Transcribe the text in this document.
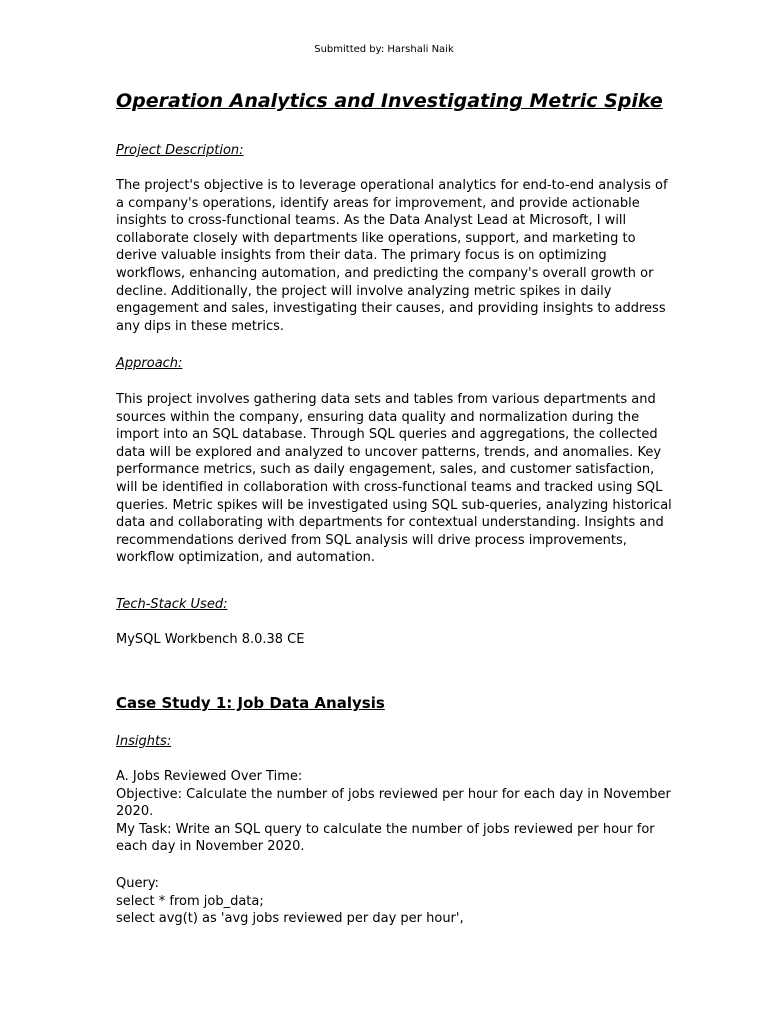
Submitted by: Harshali Naik
Operation Analytics and Investigating Metric Spike
Project Description:
The project's objective is to leverage operational analytics for end-to-end analysis of
a company's operations, identify areas for improvement, and provide actionable
insights to cross-functional teams. As the Data Analyst Lead at Microsoft, I will
collaborate closely with departments like operations, support, and marketing to
derive valuable insights from their data. The primary focus is on optimizing
workflows, enhancing automation, and predicting the company's overall growth or
decline. Additionally, the project will involve analyzing metric spikes in daily
engagement and sales, investigating their causes, and providing insights to address
any dips in these metrics.
Approach:
This project involves gathering data sets and tables from various departments and
sources within the company, ensuring data quality and normalization during the
import into an SQL database. Through SQL queries and aggregations, the collected
data will be explored and analyzed to uncover patterns, trends, and anomalies. Key
performance metrics, such as daily engagement, sales, and customer satisfaction,
will be identified in collaboration with cross-functional teams and tracked using SQL
queries. Metric spikes will be investigated using SQL sub-queries, analyzing historical
data and collaborating with departments for contextual understanding. Insights and
recommendations derived from SQL analysis will drive process improvements,
workflow optimization, and automation.
Tech-Stack Used:
MySQL Workbench 8.0.38 CE
Case Study 1: Job Data Analysis
Insights:
A. Jobs Reviewed Over Time:
Objective: Calculate the number of jobs reviewed per hour for each day in November
2020.
My Task: Write an SQL query to calculate the number of jobs reviewed per hour for
each day in November 2020.
Query:
select * from job_data;
select avg(t) as 'avg jobs reviewed per day per hour',
